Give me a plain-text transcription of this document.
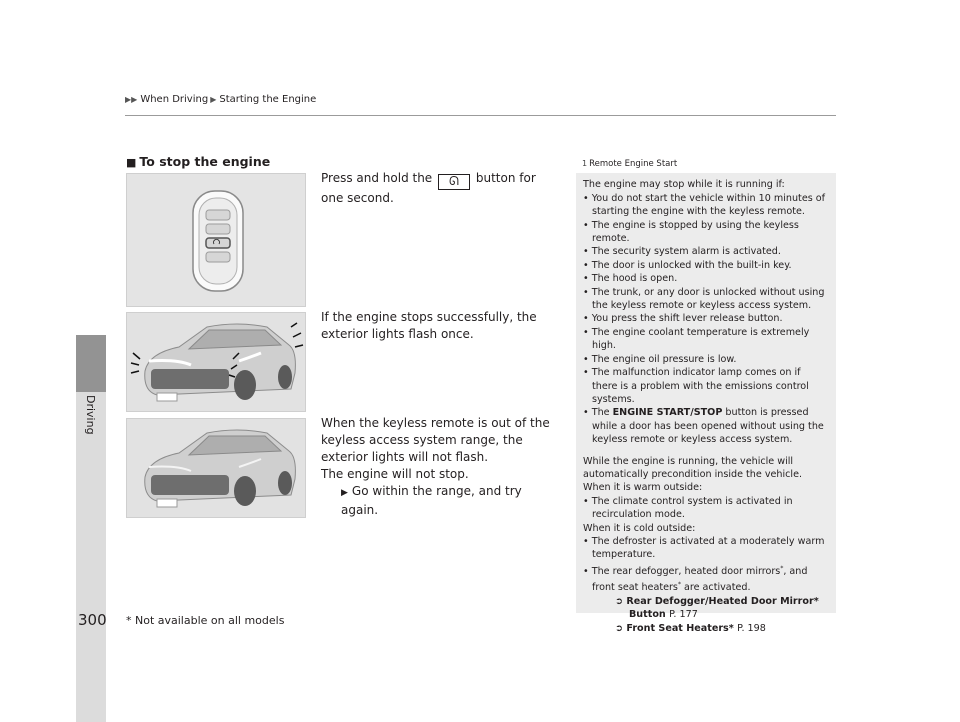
▶▶ When Driving ▶ Starting the Engine
Driving
■ To stop the engine
Press and hold the ᘏ button for one second.
If the engine stops successfully, the exterior lights flash once.
When the keyless remote is out of the keyless access system range, the exterior lights will not flash.
The engine will not stop.
▶ Go within the range, and try again.
1 Remote Engine Start
The engine may stop while it is running if:
• You do not start the vehicle within 10 minutes of starting the engine with the keyless remote.
• The engine is stopped by using the keyless remote.
• The security system alarm is activated.
• The door is unlocked with the built-in key.
• The hood is open.
• The trunk, or any door is unlocked without using the keyless remote or keyless access system.
• You press the shift lever release button.
• The engine coolant temperature is extremely high.
• The engine oil pressure is low.
• The malfunction indicator lamp comes on if there is a problem with the emissions control systems.
• The ENGINE START/STOP button is pressed while a door has been opened without using the keyless remote or keyless access system.
While the engine is running, the vehicle will automatically precondition inside the vehicle.
When it is warm outside:
• The climate control system is activated in recirculation mode.
When it is cold outside:
• The defroster is activated at a moderately warm temperature.
• The rear defogger, heated door mirrors*, and front seat heaters* are activated.
➲ Rear Defogger/Heated Door Mirror*
Button P. 177
➲ Front Seat Heaters* P. 198
300 * Not available on all models
